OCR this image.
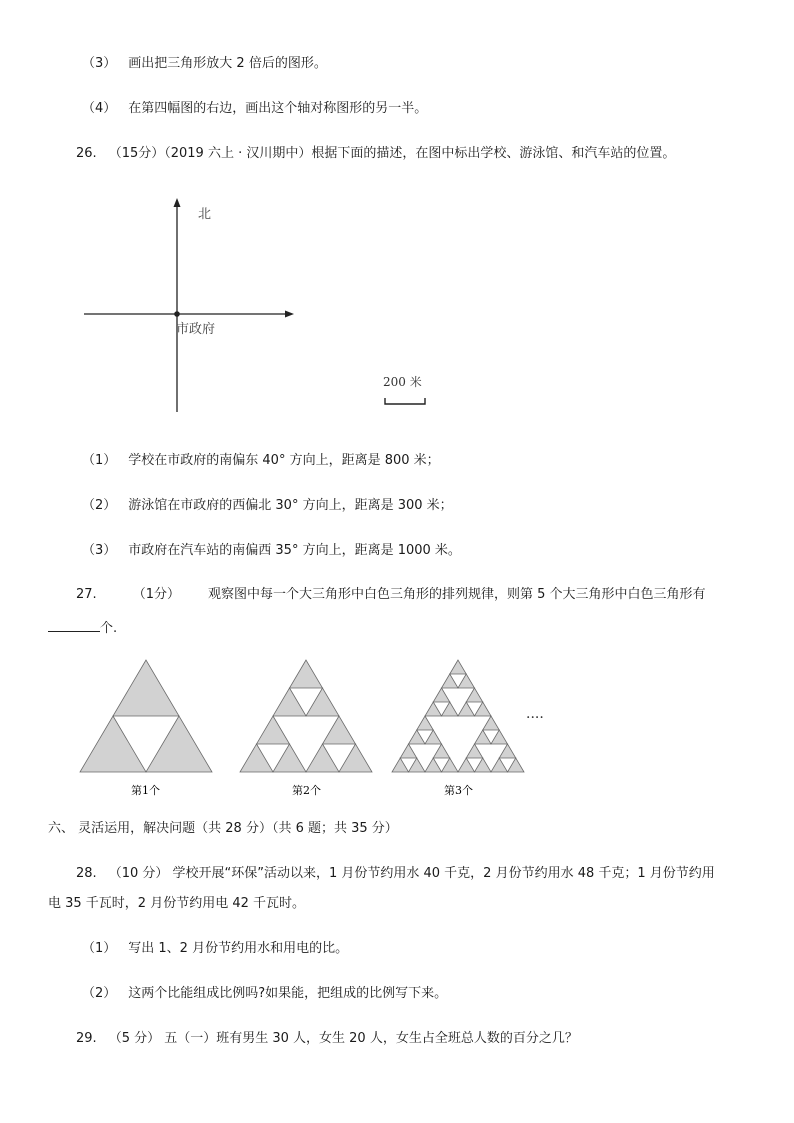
（3） 画出把三角形放大 2 倍后的图形。
（4） 在第四幅图的右边，画出这个轴对称图形的另一半。
26. （15分）（2019 六上 · 汉川期中）根据下面的描述，在图中标出学校、游泳馆、和汽车站的位置。
北
市政府
200 米
（1） 学校在市政府的南偏东 40° 方向上，距离是 800 米；
（2） 游泳馆在市政府的西偏北 30° 方向上，距离是 300 米；
（3） 市政府在汽车站的南偏西 35° 方向上，距离是 1000 米。
27.	（1分） 观察图中每一个大三角形中白色三角形的排列规律，则第 5 个大三角形中白色三角形有
个.
····
第1个	第2个	第3个
六、 灵活运用，解决问题（共 28 分）（共 6 题；共 35 分）
28. （10 分） 学校开展“环保”活动以来，1 月份节约用水 40 千克，2 月份节约用水 48 千克；1 月份节约用
电 35 千瓦时，2 月份节约用电 42 千瓦时。
（1） 写出 1、2 月份节约用水和用电的比。
（2） 这两个比能组成比例吗?如果能，把组成的比例写下来。
29. （5 分） 五（一）班有男生 30 人，女生 20 人，女生占全班总人数的百分之几？
